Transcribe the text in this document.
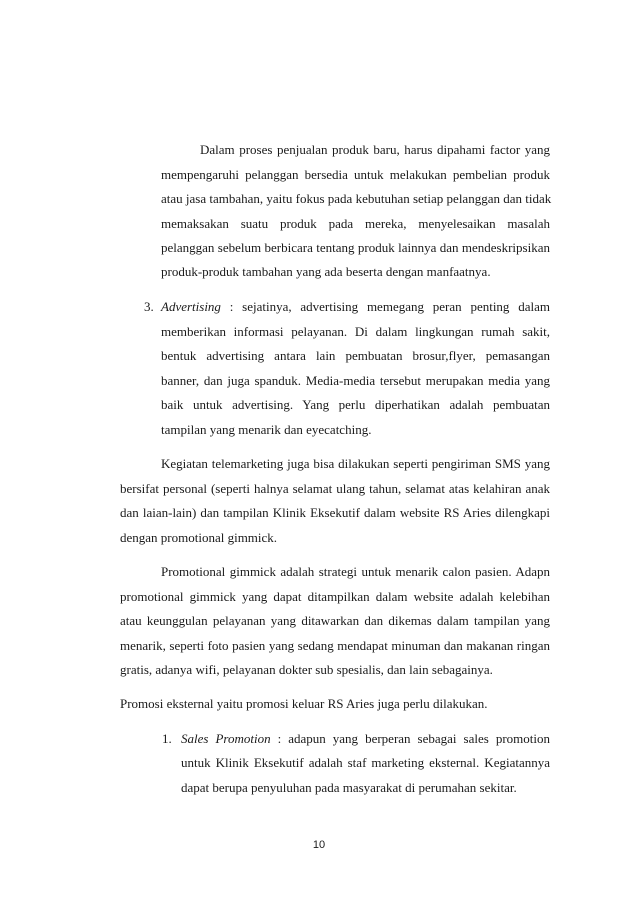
Dalam proses penjualan produk baru, harus dipahami factor yang
mempengaruhi pelanggan bersedia untuk melakukan pembelian produk
atau jasa tambahan, yaitu fokus pada kebutuhan setiap pelanggan dan tidak
memaksakan suatu produk pada mereka, menyelesaikan masalah
pelanggan sebelum berbicara tentang produk lainnya dan mendeskripsikan
produk-produk tambahan yang ada beserta dengan manfaatnya.
3. Advertising : sejatinya, advertising memegang peran penting dalam
memberikan informasi pelayanan. Di dalam lingkungan rumah sakit,
bentuk advertising antara lain pembuatan brosur,flyer, pemasangan
banner, dan juga spanduk. Media-media tersebut merupakan media yang
baik untuk advertising. Yang perlu diperhatikan adalah pembuatan
tampilan yang menarik dan eyecatching.
Kegiatan telemarketing juga bisa dilakukan seperti pengiriman SMS yang
bersifat personal (seperti halnya selamat ulang tahun, selamat atas kelahiran anak
dan laian-lain) dan tampilan Klinik Eksekutif dalam website RS Aries dilengkapi
dengan promotional gimmick.
Promotional gimmick adalah strategi untuk menarik calon pasien. Adapn
promotional gimmick yang dapat ditampilkan dalam website adalah kelebihan
atau keunggulan pelayanan yang ditawarkan dan dikemas dalam tampilan yang
menarik, seperti foto pasien yang sedang mendapat minuman dan makanan ringan
gratis, adanya wifi, pelayanan dokter sub spesialis, dan lain sebagainya.
Promosi eksternal yaitu promosi keluar RS Aries juga perlu dilakukan.
1. Sales Promotion : adapun yang berperan sebagai sales promotion
untuk Klinik Eksekutif adalah staf marketing eksternal. Kegiatannya
dapat berupa penyuluhan pada masyarakat di perumahan sekitar.
10
